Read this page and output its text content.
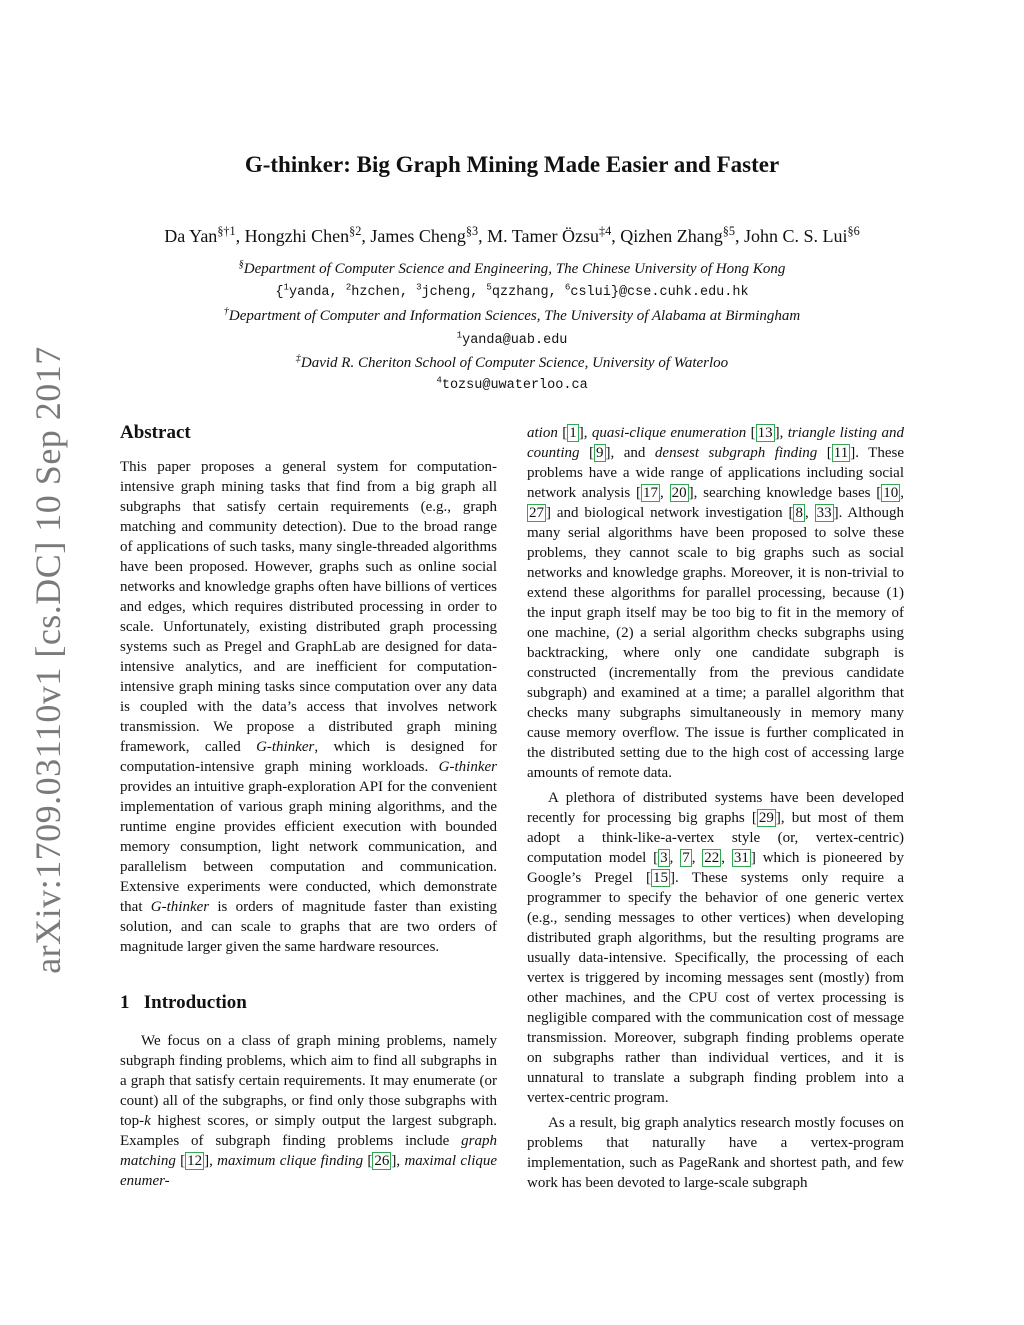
arXiv:1709.03110v1 [cs.DC] 10 Sep 2017
G-thinker: Big Graph Mining Made Easier and Faster
Da Yan$^{\S\dagger 1}$, Hongzhi Chen$^{\S 2}$, James Cheng$^{\S 3}$, M. Tamer Özsu$^{\ddagger 4}$, Qizhen Zhang$^{\S 5}$, John C. S. Lui$^{\S 6}$
§Department of Computer Science and Engineering, The Chinese University of Hong Kong
{$^1$yanda, $^2$hzchen, $^3$jcheng, $^5$qzzhang, $^6$cslui}@cse.cuhk.edu.hk
†Department of Computer and Information Sciences, The University of Alabama at Birmingham
$^1$yanda@uab.edu
‡David R. Cheriton School of Computer Science, University of Waterloo
$^4$tozsu@uwaterloo.ca
Abstract

This paper proposes a general system for computation-intensive graph mining tasks that find from a big graph all subgraphs that satisfy certain requirements (e.g., graph matching and community detection). Due to the broad range of applications of such tasks, many single-threaded algorithms have been proposed. However, graphs such as online social networks and knowledge graphs often have billions of vertices and edges, which requires distributed processing in order to scale. Unfortunately, existing distributed graph processing systems such as Pregel and GraphLab are designed for data-intensive analytics, and are inefficient for computation-intensive graph mining tasks since computation over any data is coupled with the data’s access that involves network transmission. We propose a distributed graph mining framework, called G-thinker, which is designed for computation-intensive graph mining workloads. G-thinker provides an intuitive graph-exploration API for the convenient implementation of various graph mining algorithms, and the runtime engine provides efficient execution with bounded memory consumption, light network communication, and parallelism between computation and communication. Extensive experiments were conducted, which demonstrate that G-thinker is orders of magnitude faster than existing solution, and can scale to graphs that are two orders of magnitude larger given the same hardware resources.

1 Introduction

We focus on a class of graph mining problems, namely subgraph finding problems, which aim to find all subgraphs in a graph that satisfy certain requirements. It may enumerate (or count) all of the subgraphs, or find only those subgraphs with top-k highest scores, or simply output the largest subgraph. Examples of subgraph finding problems include graph matching [ 12 ], maximum clique finding [ 26 ], maximal clique enumer-

ation [ 1 ], quasi-clique enumeration [ 13 ], triangle listing and counting [ 9 ], and densest subgraph finding [ 11 ]. These problems have a wide range of applications including social network analysis [ 17 , 20 ], searching knowledge bases [ 10 , 27 ] and biological network investigation [ 8 , 33 ]. Although many serial algorithms have been proposed to solve these problems, they cannot scale to big graphs such as social networks and knowledge graphs. Moreover, it is non-trivial to extend these algorithms for parallel processing, because (1) the input graph itself may be too big to fit in the memory of one machine, (2) a serial algorithm checks subgraphs using backtracking, where only one candidate subgraph is constructed (incrementally from the previous candidate subgraph) and examined at a time; a parallel algorithm that checks many subgraphs simultaneously in memory many cause memory overflow. The issue is further complicated in the distributed setting due to the high cost of accessing large amounts of remote data.

A plethora of distributed systems have been developed recently for processing big graphs [ 29 ], but most of them adopt a think-like-a-vertex style (or, vertex-centric) computation model [ 3 , 7 , 22 , 31 ] which is pioneered by Google’s Pregel [ 15 ]. These systems only require a programmer to specify the behavior of one generic vertex (e.g., sending messages to other vertices) when developing distributed graph algorithms, but the resulting programs are usually data-intensive. Specifically, the processing of each vertex is triggered by incoming messages sent (mostly) from other machines, and the CPU cost of vertex processing is negligible compared with the communication cost of message transmission. Moreover, subgraph finding problems operate on subgraphs rather than individual vertices, and it is unnatural to translate a subgraph finding problem into a vertex-centric program.

As a result, big graph analytics research mostly focuses on problems that naturally have a vertex-program implementation, such as PageRank and shortest path, and few work has been devoted to large-scale subgraph
